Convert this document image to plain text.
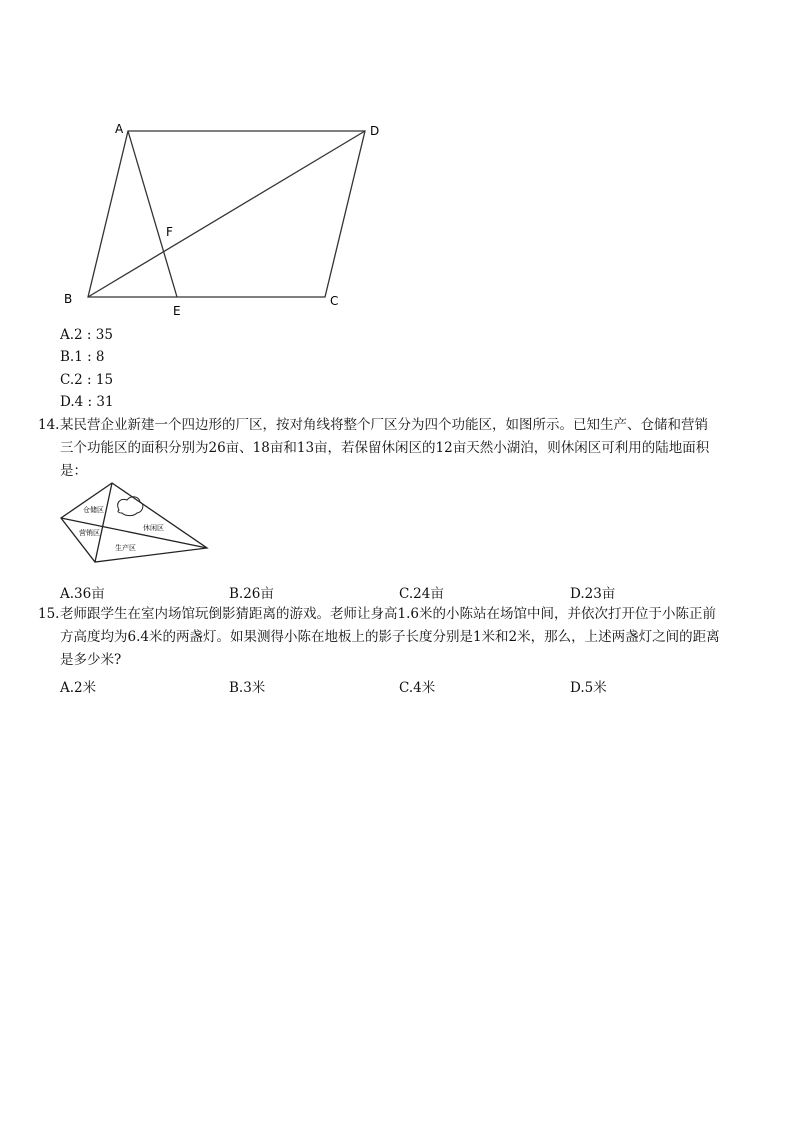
A	D
B	C
E
F
A.2 : 35
B.1 : 8
C.2 : 15
D.4 : 31
14. 某民营企业新建一个四边形的厂区，按对角线将整个厂区分为四个功能区，如图所示。已知生产、仓储和营销
三个功能区的面积分别为26亩、18亩和13亩，若保留休闲区的12亩天然小湖泊，则休闲区可利用的陆地面积
是：
仓储区
休闲区
营销区
生产区
A.36亩	B.26亩	C.24亩	D.23亩
15. 老师跟学生在室内场馆玩倒影猜距离的游戏。老师让身高1.6米的小陈站在场馆中间，并依次打开位于小陈正前
方高度均为6.4米的两盏灯。如果测得小陈在地板上的影子长度分别是1米和2米，那么，上述两盏灯之间的距离
是多少米?
A.2米	B.3米	C.4米	D.5米
